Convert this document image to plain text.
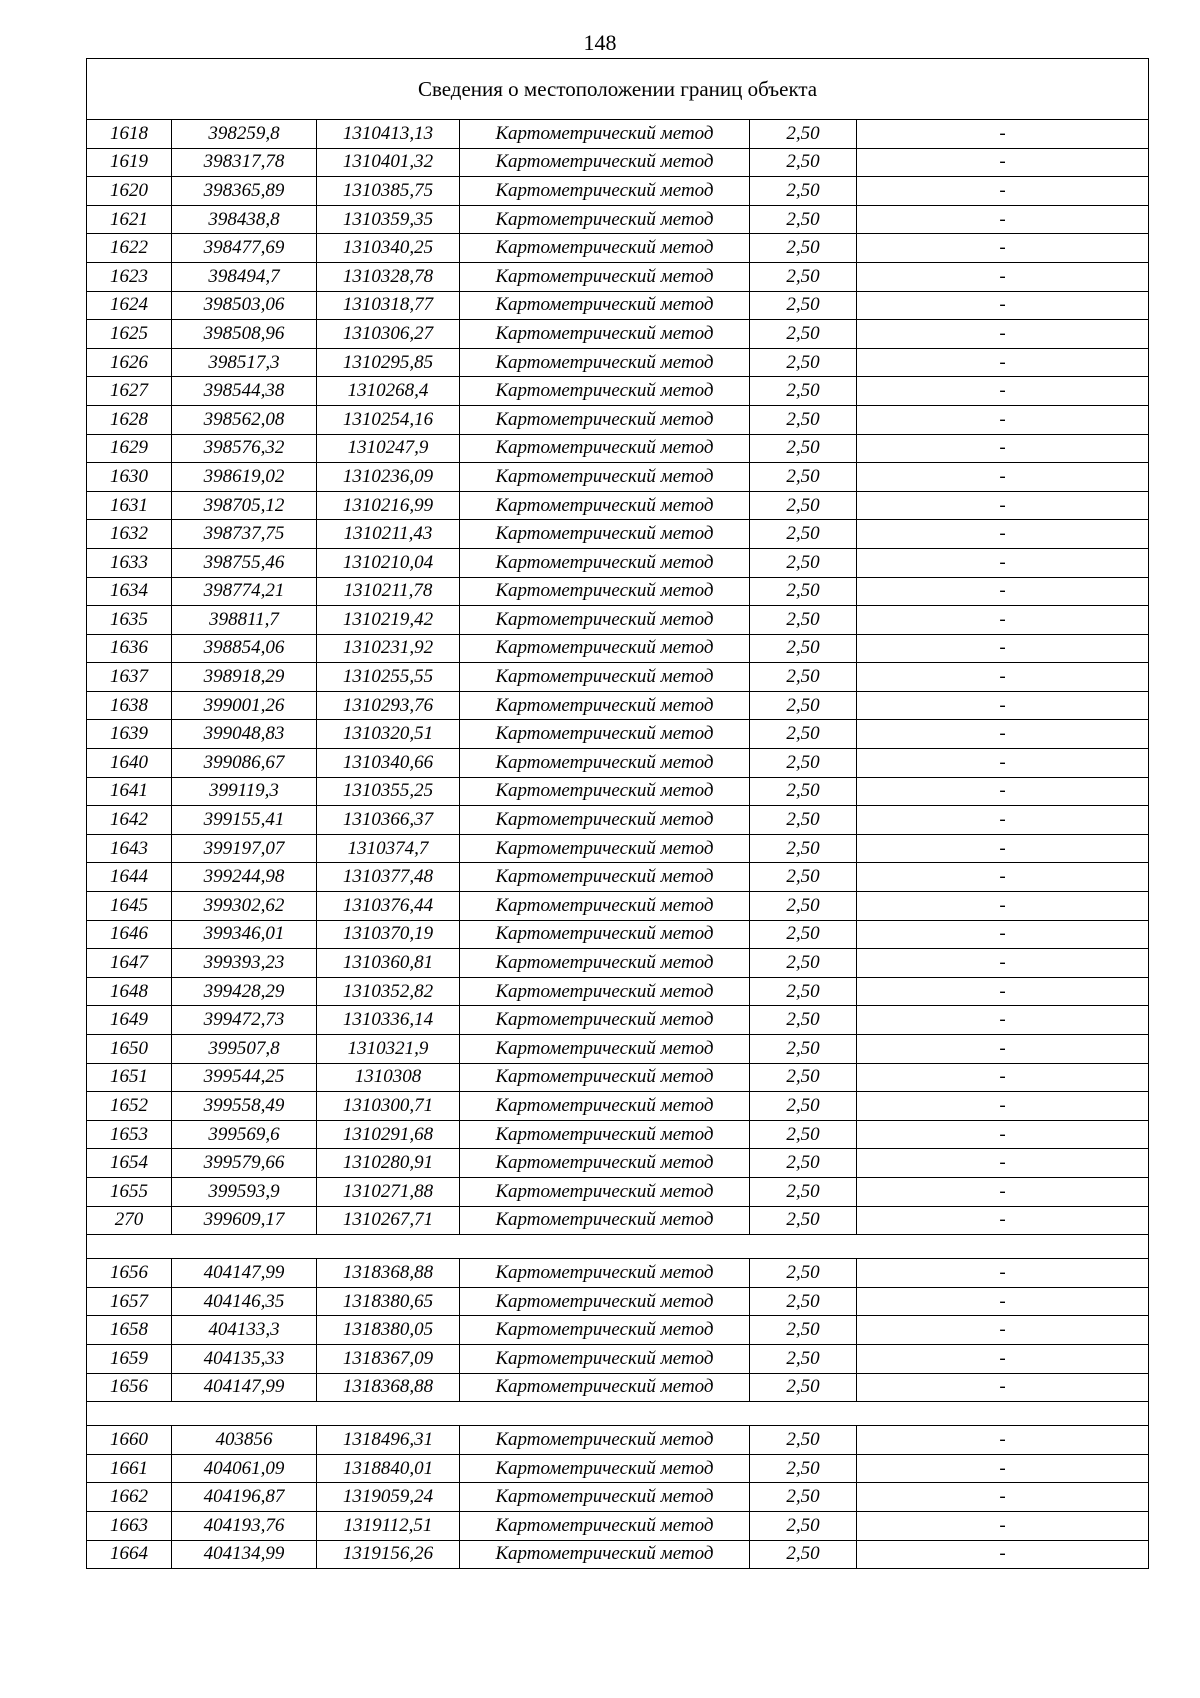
148
Сведения о местоположении границ объекта					
1618	398259,8	1310413,13	Картометрический метод	2,50	-
1619	398317,78	1310401,32	Картометрический метод	2,50	-
1620	398365,89	1310385,75	Картометрический метод	2,50	-
1621	398438,8	1310359,35	Картометрический метод	2,50	-
1622	398477,69	1310340,25	Картометрический метод	2,50	-
1623	398494,7	1310328,78	Картометрический метод	2,50	-
1624	398503,06	1310318,77	Картометрический метод	2,50	-
1625	398508,96	1310306,27	Картометрический метод	2,50	-
1626	398517,3	1310295,85	Картометрический метод	2,50	-
1627	398544,38	1310268,4	Картометрический метод	2,50	-
1628	398562,08	1310254,16	Картометрический метод	2,50	-
1629	398576,32	1310247,9	Картометрический метод	2,50	-
1630	398619,02	1310236,09	Картометрический метод	2,50	-
1631	398705,12	1310216,99	Картометрический метод	2,50	-
1632	398737,75	1310211,43	Картометрический метод	2,50	-
1633	398755,46	1310210,04	Картометрический метод	2,50	-
1634	398774,21	1310211,78	Картометрический метод	2,50	-
1635	398811,7	1310219,42	Картометрический метод	2,50	-
1636	398854,06	1310231,92	Картометрический метод	2,50	-
1637	398918,29	1310255,55	Картометрический метод	2,50	-
1638	399001,26	1310293,76	Картометрический метод	2,50	-
1639	399048,83	1310320,51	Картометрический метод	2,50	-
1640	399086,67	1310340,66	Картометрический метод	2,50	-
1641	399119,3	1310355,25	Картометрический метод	2,50	-
1642	399155,41	1310366,37	Картометрический метод	2,50	-
1643	399197,07	1310374,7	Картометрический метод	2,50	-
1644	399244,98	1310377,48	Картометрический метод	2,50	-
1645	399302,62	1310376,44	Картометрический метод	2,50	-
1646	399346,01	1310370,19	Картометрический метод	2,50	-
1647	399393,23	1310360,81	Картометрический метод	2,50	-
1648	399428,29	1310352,82	Картометрический метод	2,50	-
1649	399472,73	1310336,14	Картометрический метод	2,50	-
1650	399507,8	1310321,9	Картометрический метод	2,50	-
1651	399544,25	1310308	Картометрический метод	2,50	-
1652	399558,49	1310300,71	Картометрический метод	2,50	-
1653	399569,6	1310291,68	Картометрический метод	2,50	-
1654	399579,66	1310280,91	Картометрический метод	2,50	-
1655	399593,9	1310271,88	Картометрический метод	2,50	-
270	399609,17	1310267,71	Картометрический метод	2,50	-

1656	404147,99	1318368,88	Картометрический метод	2,50	-
1657	404146,35	1318380,65	Картометрический метод	2,50	-
1658	404133,3	1318380,05	Картометрический метод	2,50	-
1659	404135,33	1318367,09	Картометрический метод	2,50	-
1656	404147,99	1318368,88	Картометрический метод	2,50	-

1660	403856	1318496,31	Картометрический метод	2,50	-
1661	404061,09	1318840,01	Картометрический метод	2,50	-
1662	404196,87	1319059,24	Картометрический метод	2,50	-
1663	404193,76	1319112,51	Картометрический метод	2,50	-
1664	404134,99	1319156,26	Картометрический метод	2,50	-
